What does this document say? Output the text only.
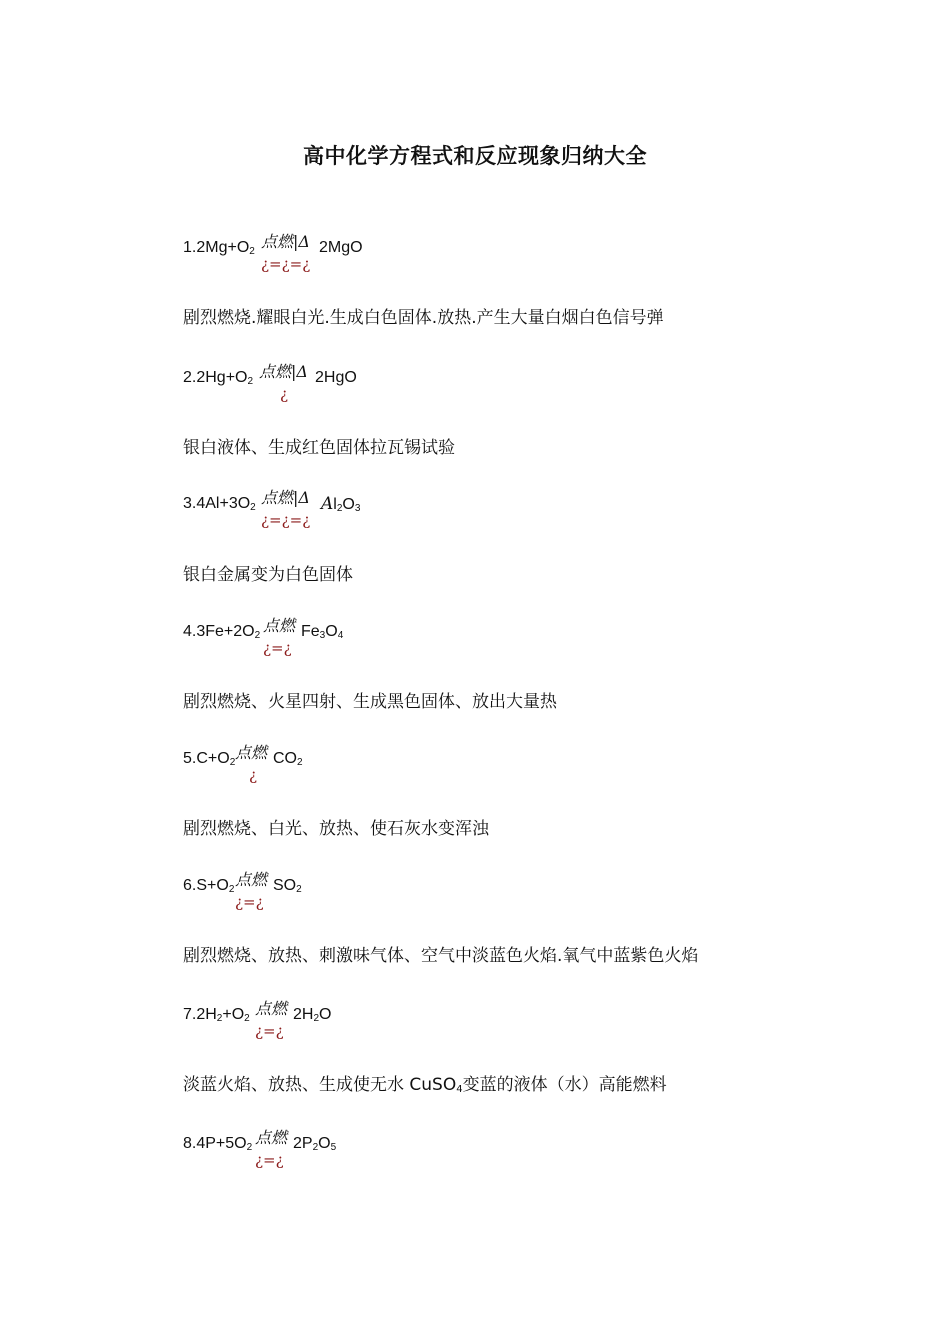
高中化学方程式和反应现象归纳大全
$1.2Mg+O_2$
点燃|Δ
¿=¿=¿
2MgO
剧烈燃烧.耀眼白光.生成白色固体.放热.产生大量白烟白色信号弹
$2.2Hg+O_2$
点燃|Δ
¿
2HgO
银白液体、生成红色固体拉瓦锡试验
$3.4Al+3O_2$
点燃|Δ
¿=¿=¿
$Al_2O_3$
银白金属变为白色固体
$4.3Fe+2O_2$
点燃
¿=¿
$Fe_3O_4$
剧烈燃烧、火星四射、生成黑色固体、放出大量热
$5.C+O_2$
点燃
¿
$CO_2$
剧烈燃烧、白光、放热、使石灰水变浑浊
$6.S+O_2$
点燃
¿=¿
$SO_2$
剧烈燃烧、放热、刺激味气体、空气中淡蓝色火焰.氧气中蓝紫色火焰
$7.2H_2+O_2$
点燃
¿=¿
$2H_2O$
淡蓝火焰、放热、生成使无水 CuSO$_4$变蓝的液体（水）高能燃料
$8.4P+5O_2$
点燃
¿=¿
$2P_2O_5$
